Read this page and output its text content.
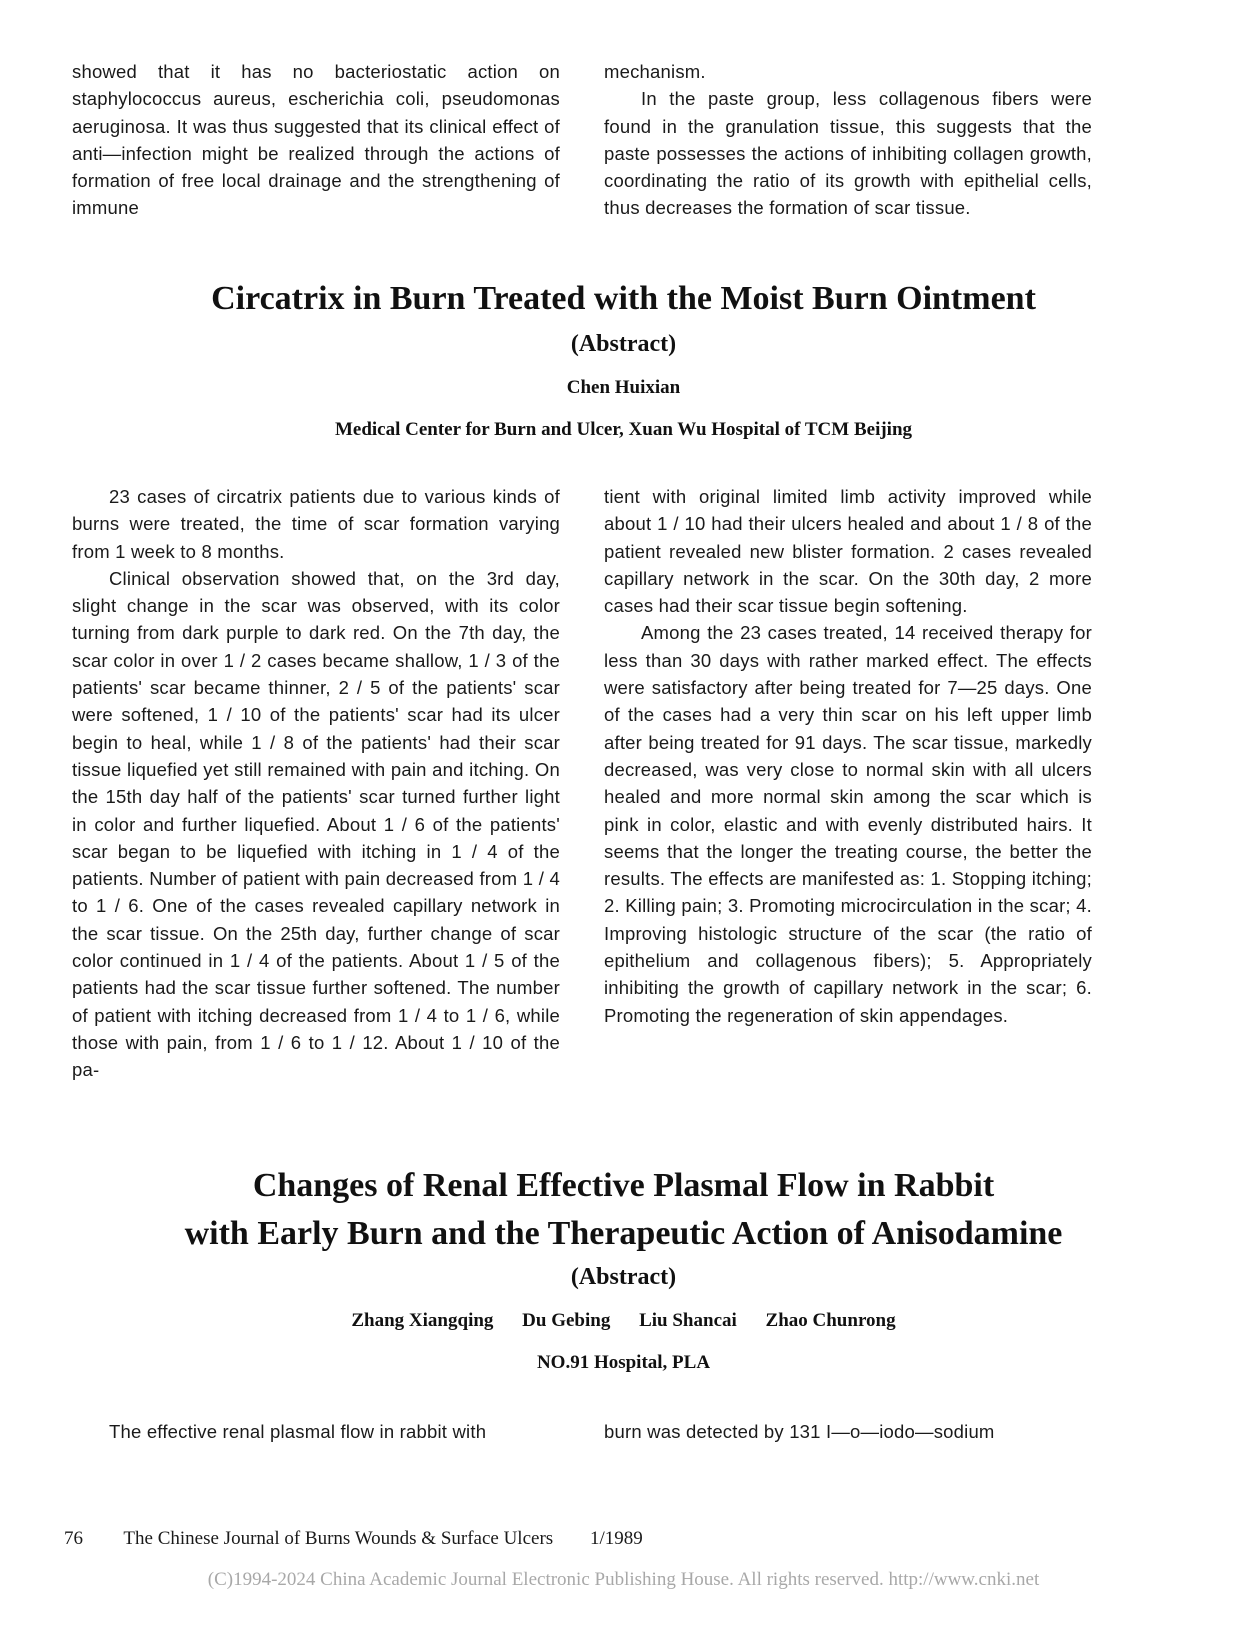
showed that it has no bacteriostatic action on staphylococcus aureus, escherichia coli, pseudomonas aeruginosa. It was thus suggested that its clinical effect of anti—infection might be realized through the actions of formation of free local drainage and the strengthening of immune

mechanism.

In the paste group, less collagenous fibers were found in the granulation tissue, this suggests that the paste possesses the actions of inhibiting collagen growth, coordinating the ratio of its growth with epithelial cells, thus decreases the formation of scar tissue.

Circatrix in Burn Treated with the Moist Burn Ointment
(Abstract)
Chen Huixian
Medical Center for Burn and Ulcer, Xuan Wu Hospital of TCM Beijing

23 cases of circatrix patients due to various kinds of burns were treated, the time of scar formation varying from 1 week to 8 months.

Clinical observation showed that, on the 3rd day, slight change in the scar was observed, with its color turning from dark purple to dark red. On the 7th day, the scar color in over 1 / 2 cases became shallow, 1 / 3 of the patients' scar became thinner, 2 / 5 of the patients' scar were softened, 1 / 10 of the patients' scar had its ulcer begin to heal, while 1 / 8 of the patients' had their scar tissue liquefied yet still remained with pain and itching. On the 15th day half of the patients' scar turned further light in color and further liquefied. About 1 / 6 of the patients' scar began to be liquefied with itching in 1 / 4 of the patients. Number of patient with pain decreased from 1 / 4 to 1 / 6. One of the cases revealed capillary network in the scar tissue. On the 25th day, further change of scar color continued in 1 / 4 of the patients. About 1 / 5 of the patients had the scar tissue further softened. The number of patient with itching decreased from 1 / 4 to 1 / 6, while those with pain, from 1 / 6 to 1 / 12. About 1 / 10 of the pa-

tient with original limited limb activity improved while about 1 / 10 had their ulcers healed and about 1 / 8 of the patient revealed new blister formation. 2 cases revealed capillary network in the scar. On the 30th day, 2 more cases had their scar tissue begin softening.

Among the 23 cases treated, 14 received therapy for less than 30 days with rather marked effect. The effects were satisfactory after being treated for 7—25 days. One of the cases had a very thin scar on his left upper limb after being treated for 91 days. The scar tissue, markedly decreased, was very close to normal skin with all ulcers healed and more normal skin among the scar which is pink in color, elastic and with evenly distributed hairs. It seems that the longer the treating course, the better the results. The effects are manifested as: 1. Stopping itching; 2. Killing pain; 3. Promoting microcirculation in the scar; 4. Improving histologic structure of the scar (the ratio of epithelium and collagenous fibers); 5. Appropriately inhibiting the growth of capillary network in the scar; 6. Promoting the regeneration of skin appendages.

Changes of Renal Effective Plasmal Flow in Rabbit
with Early Burn and the Therapeutic Action of Anisodamine
(Abstract)
Zhang Xiangqing Du Gebing Liu Shancai Zhao Chunrong
NO.91 Hospital, PLA

The effective renal plasmal flow in rabbit with	burn was detected by 131 I—o—iodo—sodium

76 The Chinese Journal of Burns Wounds & Surface Ulcers 1/1989
(C)1994-2024 China Academic Journal Electronic Publishing House. All rights reserved. http://www.cnki.net
